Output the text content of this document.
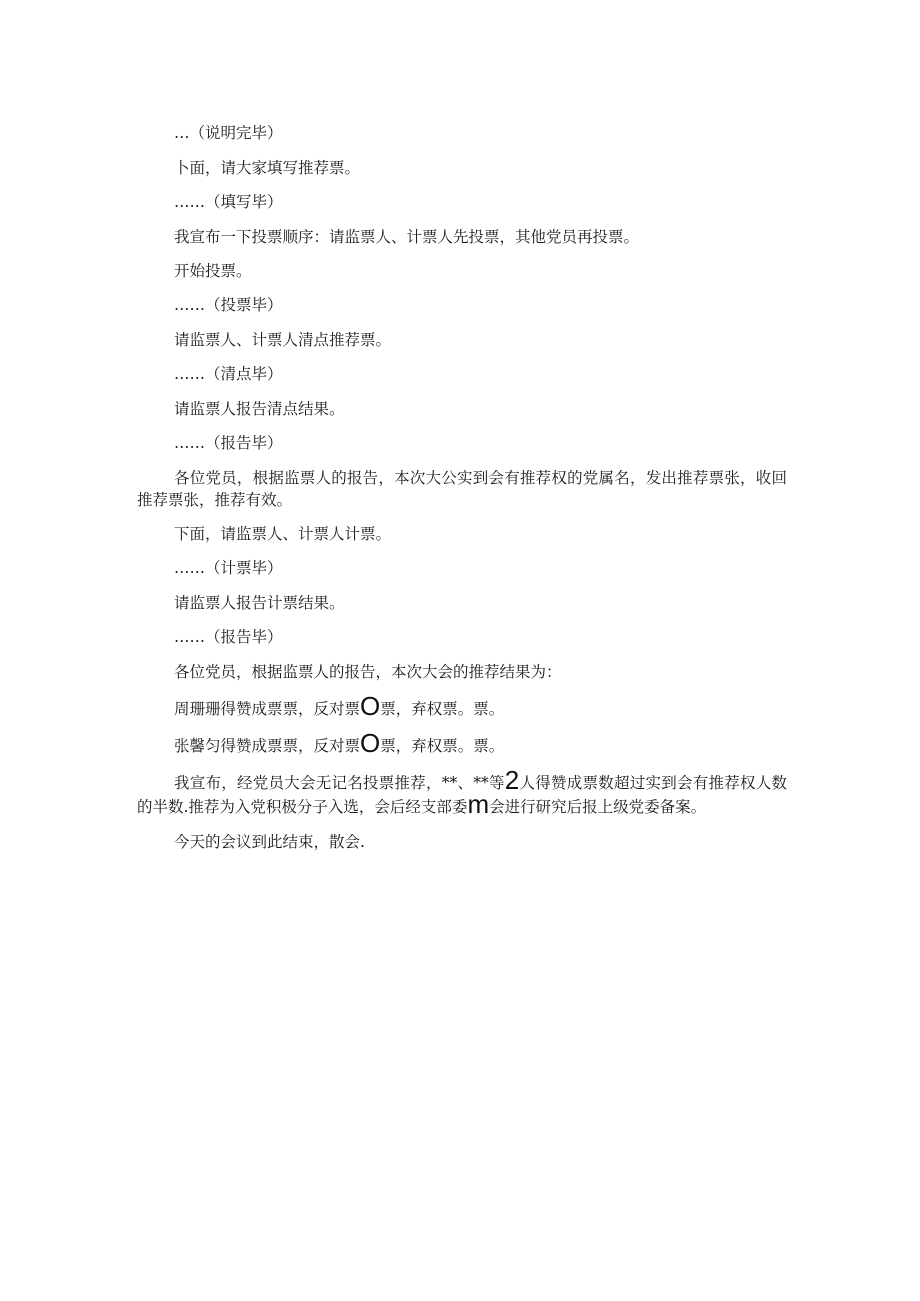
…（说明完毕）

卜面，请大家填写推荐票。

……（填写毕）

我宣布一下投票顺序：请监票人、计票人先投票，其他党员再投票。

开始投票。

……（投票毕）

请监票人、计票人清点推荐票。

……（清点毕）

请监票人报告清点结果。

……（报告毕）

各位党员，根据监票人的报告，本次大公实到会有推荐权的党属名，发出推荐票张，收回推荐票张，推荐有效。

下面，请监票人、计票人计票。

……（计票毕）

请监票人报告计票结果。

……（报告毕）

各位党员，根据监票人的报告，本次大会的推荐结果为：

周珊珊得赞成票票，反对票O票，弃权票。票。

张馨匀得赞成票票，反对票O票，弃权票。票。

我宣布，经党员大会无记名投票推荐，**、**等2人得赞成票数超过实到会有推荐权人数的半数.推荐为入党积极分子入选，会后经支部委m会进行研究后报上级党委备案。

今天的会议到此结束，散会.
